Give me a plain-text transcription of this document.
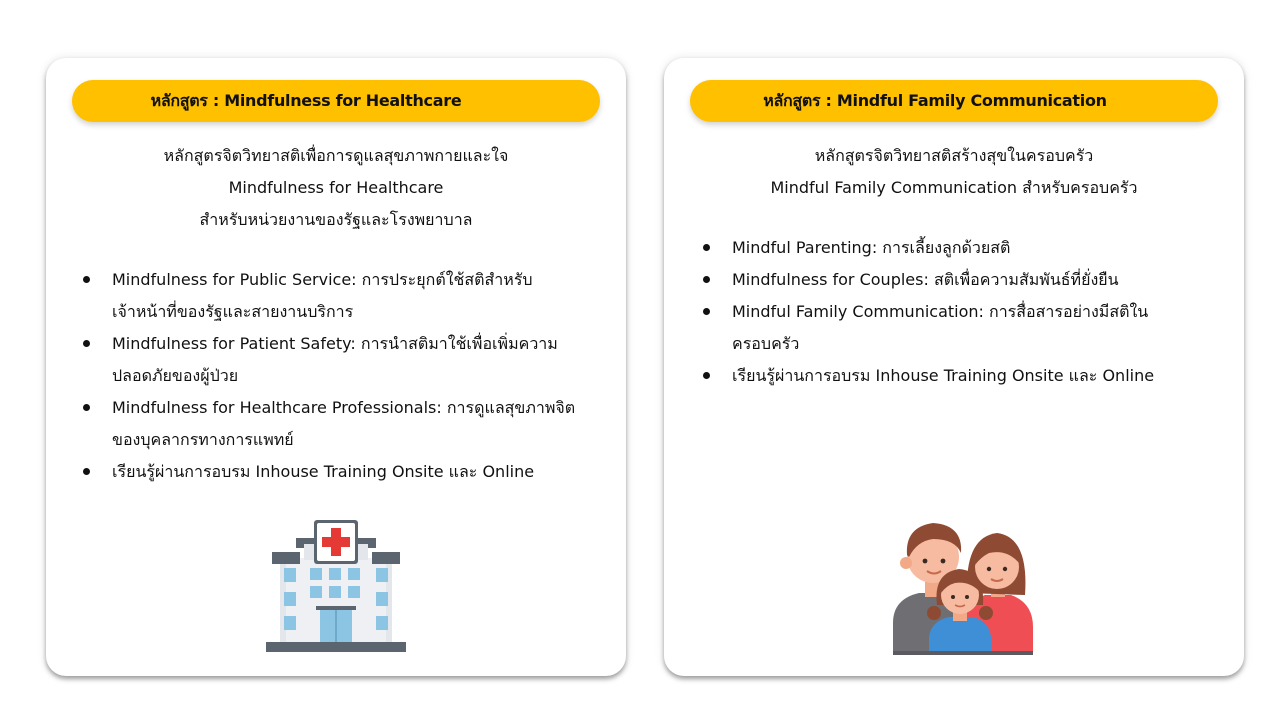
หลักสูตร : Mindfulness for Healthcare
หลักสูตรจิตวิทยาสติเพื่อการดูแลสุขภาพกายและใจ
Mindfulness for Healthcare
สำหรับหน่วยงานของรัฐและโรงพยาบาล
Mindfulness for Public Service: การประยุกต์ใช้สติสำหรับ
เจ้าหน้าที่ของรัฐและสายงานบริการ
Mindfulness for Patient Safety: การนำสติมาใช้เพื่อเพิ่มความ
ปลอดภัยของผู้ป่วย
Mindfulness for Healthcare Professionals: การดูแลสุขภาพจิต
ของบุคลากรทางการแพทย์
เรียนรู้ผ่านการอบรม Inhouse Training Onsite และ Online
หลักสูตร : Mindful Family Communication
หลักสูตรจิตวิทยาสติสร้างสุขในครอบครัว
Mindful Family Communication สำหรับครอบครัว
Mindful Parenting: การเลี้ยงลูกด้วยสติ
Mindfulness for Couples: สติเพื่อความสัมพันธ์ที่ยั่งยืน
Mindful Family Communication: การสื่อสารอย่างมีสติใน
ครอบครัว
เรียนรู้ผ่านการอบรม Inhouse Training Onsite และ Online
